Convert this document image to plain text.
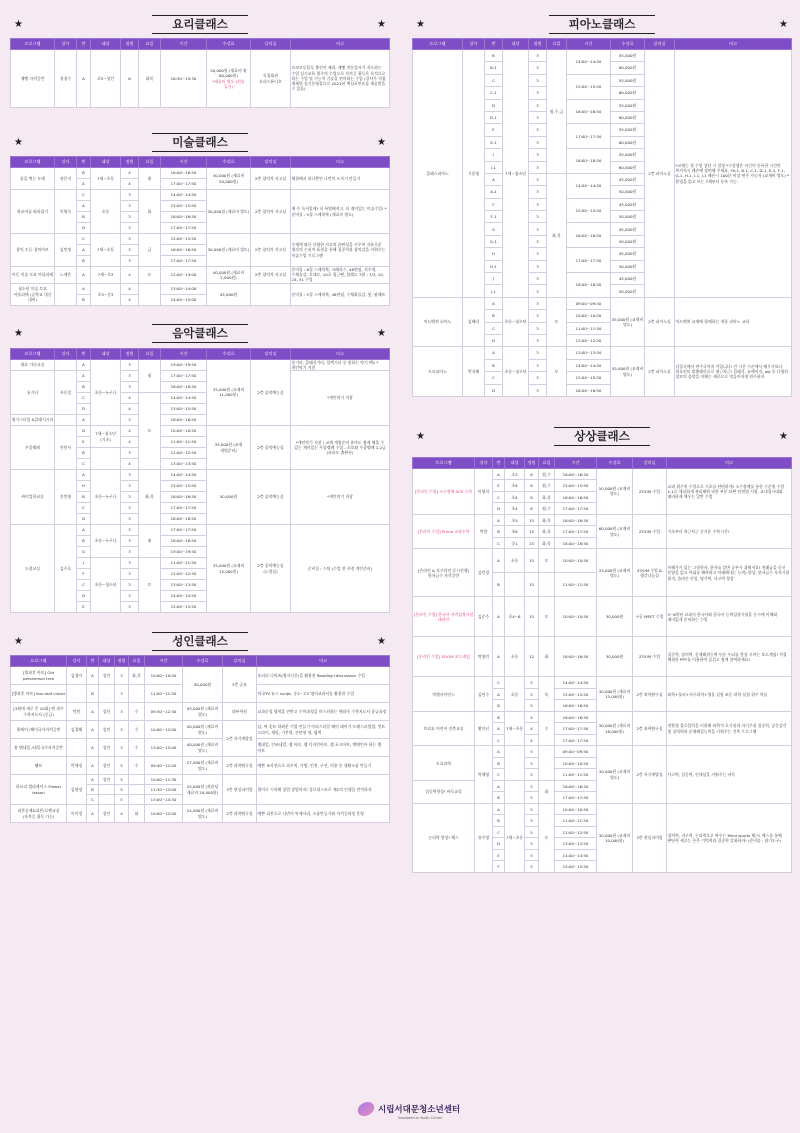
★	요리클래스	★
프로그램	강사	반	대상	정원	요일	시간	수강료	강의실	비고
제빵 자격증반	정경수	A	초5~성인	6	화목	16:30~19:30	50,000원 (재료비 월 80,000원)
*재료비 별도 (현물 들가)	독성회관 요리스튜디오	르꼬르동블루 출신이 제과, 제빵 전문강사가 지도하는 수업 실기교육 위주의 수업으로 자격증 취득은 목적으로 하는 수업 및 기능적 기술을 연마하는 수업 (강사가 직접 제제한 실기동영상으로 2021년 핵심포인트를 제공받을 수 있음)
★	미술클래스	★
프로그램	강사	반	대상	정원	요일	시간	수강료	강의실	비고
꿈을 찍는 도예	권은지	B	7세~초등	4	월	16:00~16:50	30,000원 (재료비 20,000원)	2층 창의적 사고실	체험해서 하나뿐인 나만의 도자기 만들기
		A		4		17:00~17:50			
학교미술 따라잡기	이영숙	C	초등	3	화	14:00~14:50	30,000원 (재료비 별도)	2층 창의적 사고실	매 주 독서앞게! 더 특별해져고, 더 재미있는 미술수업! *준비물 : 5절 스케치북 (재료비 별도)
		A		3		15:00~15:50			
		B		3		16:00~16:50			
		D		3		17:00~17:50			
홈익 도듬 창의아트	김민정	C	7세~초등	3	금	15:00~15:50	30,000원 (재료비 별도)	2층 창의적 사고실	주제에 따른 다양한 사고의 끝판성을 키우며 자유로운 생각의 논리적 표현을 통해 집중력과 창의감을 키워주는 미술수업 프로그램
		A		3		16:00~16:50			
		B		3		17:00~17:50			
아동 미술 토요 아틀리에	노제은	A	7세~초3	4	토	12:00~13:00	40,000원 (재료비 2,000원)	2층 창의적 사고실	준비물 : 8절 스케치북, 크레파스, 48연필, 지우개, 수채물감, 오데토, 10호 링근펜, 블레드 7월 : 7/3, 10, 24, 31 수업
청소년 미술 토요 아틀리에 (공학교 내신 대비)		A	초3~중3	4		13:00~14:00	45,000원		준비물 : 5절 스케치북, 48연필, 수채화물감, 붓, 팔레트
		B		4		14:00~15:00			
★	음악클래스	★
프로그램	강사	반	대상	정원	요일	시간	수강료	강의실	비고
월요 기타교실		A	초등~누구나	3	월	19:00~19:50	35,000원 (교재비 11,000원)	2층 음악예능실	통기타, 클래식기타, 일렉기타 중 원하는 악기 택1 *개인악기 지참
통기타	서동일	A		3		17:00~17:50			*개인악기 지참
		B		3		18:00~18:50			
		C		4	토	14:00~14:50			
		D		4		15:00~15:50			
영기스타일 &클래식기타		A		3		16:00~16:50			
우쿨렐레	안민서	D	7세~청소년 (기초)	4		10:00~10:50	35,000원 (교재 개별준비)	2층 음악예능실	*개인악기 지참 / 교재 개별준비 유마도 쉽게 배울 수 있는 재미있는 우쿨렐레 수업 - 포보와 우쿨렐레 1,2급 (파라도 출판사)
		E		4		11:00~11:50			
		B		3		12:00~12:50			
		C		4		13:00~13:50			
싸이킹한교실	송민영	A	초등~누구나	3	화,목	14:00~14:50	50,000원	2층 음악예능실	*개인악기 지참
		H		3		15:00~15:50			
		B		3		16:00~16:50			
		C		3		17:00~17:50			
		D		3		18:00~18:50			
드럼교실	김주호	A	초등~누구나	3	월	17:00~17:50	35,000원 (교재비 15,000원)	2층 음악예능실 (드럼실)	준비물 : 스틱 (수업 전 사전 개인준비)
		B		3		18:00~18:50			
		G		3		19:00~19:50			
		J	초등~청소년	3	토	11:00~11:50			
		F		3		12:00~12:50			
		C		3		13:00~13:50			
		D		3		14:00~14:50			
		E		3		15:00~15:50			
★	성인클래스	★
프로그램	강사	반	대상	정원	요일	시간	수강료	강의실	비고
[방과후 아트] Old persimmon tree	김경아	A	성인	3	화,목	10:00~10:50	50,000원	3층 공유	포터리 디비즈(영자신문)을 활용한 Reading+discussion 수업
[방과후 아트] four-leaf clover		B		3		11:00~11:50			미국TV 뉴스 script, 중2~고2 영어교과서를 활용한 수업
[3월에 새로 온 10회] 엔 과주 수학지도사 (중급)	박민	A	성인	3	수	09:30~12:30	45,000원 (재료비 별도)	뫼부학원	교과순성 영역을 전반고 수학과정을 마스터하는 엔과주 수학지도사 종급과정
홈베이 /해미국가자격증반	김경혜	A	성인	3	수	10:00~12:00	40,000원 (재료비 별도)	2층 자기계발실	납, 여 옷트 하려운 기업 만들기 아리스타일 해이 태어기 도해스파업법, 컷트 드라이, 세팅, 기본형, 존만형 형, 염색
홈 템네일 /네일국가자격증반		A	성인	3	수	13:00~15:00	40,000원 (재료비 별도)		젤네일, 인조네일, 젤 아트, 젤 디자인아트, 젤 포크아트, 엔메인아 하는 젤 아트
웰트	박세정	A	성인	5	수	09:40~11:00	27,000원 (재료비 별도)	2층 과학탐구실	예쁜 조각천으로 파우치, 가방, 인형, 구션, 미용 등 생활소품 만들기
하모리 캘리케어스 Flower lesson	김원정	A	성인	5		10:00~11:30	25,000원 (작품당 재료비 20,000원)	3층 현실파이업	위미로 시작해 창업 창업까지! 플로리스트로 제2의 인생을 만끽하자
		B		5		11:30~13:00			
		C		5		13:00~14:30			
리본공예&리본/로젠교실 (자격증 취득 가능)	이미경	A	성인	4	화	10:00~12:00	24,000원 (재료비 별도)	2층 과학탐구실	예쁜 리본으로 나만의 악세서리, 소품만들기와 자격증과정 운영
★	피아노클래스	★
프로그램	강사	반	대상	정원	요일	시간	수강료	강의실	비고
클래스피아노	기운영	B	7세~청소년	3	월,수,금	14:00~14:50	55,000원	2층 피아노실	*교재는 첫 수업 상담 시 결정 *수강생은 자신이 등록한 시간만 복지적시 레슨에 참여해 주세요. *A-1, B-1, C-1, D-1, E-1, F-1, G-1, H-1, I-1, J-1 레슨시 100분 이상 연주 가능자 (교재비 별도) *환경을 읽고 쓰는 7세부터 등록 가능.
		B-1		3			60,000원		
		C		3		15:00~15:50	55,000원		
		C-1		3			60,000원		
		D		3		16:00~16:50	55,000원		
		D-1		3			60,000원		
		E		3		17:00~17:50	55,000원		
		E-1		3			60,000원		
		I		3		18:00~18:50	55,000원		
		I-1		3			60,000원		
		A		3	화,목	14:00~14:50	45,000원		
		A-1		3			50,000원		
		F		3		15:00~15:50	45,000원		
		F-1		3			50,000원		
		G		3		16:00~16:50	45,000원		
		G-1		3			50,000원		
		H		3		17:00~17:50	45,000원		
		H-1		3			50,000원		
		J		3		18:00~18:50	45,000원		
		J-1		3			50,000원		
어드벤처 피아노	김혜라	A	초등~청소년	3	토	09:00~09:50	35,000원 (교재비 별도)	2층 피아노실	어드벤처 교재에 함께하는 개통 피아노 교육
		B		3		10:00~10:50			
		C		3		11:00~11:50			
		D		3		12:00~12:50			
도모피아노	박지혜	A	초등~청소년	3	토	13:00~13:50	35,000원 (교재비 별도)	2층 피아노실	감상곡에서 연주곡까지 거입니다! 건 시간 수준에서 배우기보다 원포인트 맞춤레슨으로 재근차근! 클래식, 뉴에이지, ost 등 다양한 장르의 음악을 이해는 새로므로 멋들어지게 연주하자
		B		3		14:00~14:50			
		C		3		15:00~15:50			
		D		3		16:00~16:50			
★	상상클래스	★
프로그램	강사	반	대상	정원	요일	시간	수강료	강의실	비고
[온라인 수업] 소수정예 ACE 수학	이영희	A	초3	8	월,수	16:00~16:50	50,000원 (교재비 별도)	ZOOM 수업	교과 위주의 수업으로 기초를 단단하게! 소수정예를 통한 수준별 수업 1:1로 세심하게 관리해줘 약한 부분 보완 단원별 시험, 교내경시대회 대비하게 예우는 일반 수업
		E	초4	8	월,수	15:00~15:50			
		C	초4	8	화,목	16:00~16:50			
		D	초4	8	월,수	17:00~17:50			
[온라인 수업] Prime 교과수학	박향	A	초5	15	화,목	16:00~16:50	60,000원 (교재비 별도)	ZOOM 수업	기초부터 차근차근 중거운 수학시간!
		B	초6	15	화,목	17:00~17:50			
		C	중1	15	화,목	18:00~18:50			
[온라인 & 오프라인 동시진행] 한자급수 자격증반	강민경	A	초등	15	토	10:00~10:50	33,000원 (교재비 별도)	ZOOM 수업 & 생각나눔실	이해가가 있는 그림한자, 한자를 알면 공부가 쉬워져요! 전쾌급을 중신 문양을 읽고 어휘를 해야하고 이해해내는 능력) 향상, 한자급수 자격시험 합격, 올바른 인성, 평가력, 사고력 향상
		B		15		11:00~11:50			
[온라인 수업] 한국사 자격검정시험 대비반	김준주	A	초4~6	15	토	10:00~10:50	30,000원	구글 MEET 수업	5~6학년 교과서 한국사와 한국사 능력검정시험을 동시에 이해와 재미있게 준비하는 수업
[온라인 수업] ZOOM 보드게임	탁영란	A	초등	12	화	16:00~16:50	30,000원	ZOOM 수업	집중력, 창의력, 문제해결능력 등동 두뇌를 향상 시켜는 보드게임! 적절 체험한 PPT를 이용하여 즐겁고 쉽게 참여하세요!
빅뱅사이언스	김민수	C	초등	5	목	14:00~14:50	30,000원 (재료비 15,000원)	2층 과학탐구실	화학+물리+지구과학+생물 실험 조동 과학 실험 위주 학습
		A		5		15:00~15:50			
		B		5		16:00~16:50			
브리요 어린이 건축교실	황미선	B	7세~초등	4	수	16:00~16:50	30,000원 (재료비 18,000원)	2층 과학탐구실	전환경 블로블럭을 이용해 과학적 호기심과 자기주장 집중력, 공간감각 및 창의력과 문제해결능력을 키워주는 건축 프로그램
		A		4		17:00~17:50			
		C		4		17:00~17:50			
토요과학	박재영	A		5		09:00~09:50	30,000원 (교재비 별도)	2층 자기계발실	사고력, 집중력, 인내심을 키워주는 바둑
		B		5		10:00~10:50			
		C		5		11:00~11:50			
집중력향상! 바둑교실		A		5	화	16:00~16:50			
		B		5		17:00~17:50			
논리력 향상! 체스	유주영	A	7세~초등	5	토	10:00~10:50	30,000원 (교재비 10,000원)	3층 현실파이업	창의력, 지구력, 논리력으로 싸우는 Mind sports 체스! 체스를 통해 판단력 세고는 은은 기억력과 집중력 강화하자! (준비물 : 필기도구)
		B		5		11:00~11:50			
		C		5		12:00~12:50			
		D		5		13:00~13:50			
		E		5		14:00~14:50			
		F		5		15:00~15:50			
시립서대문청소년센터
Seodaemun Youth Center
